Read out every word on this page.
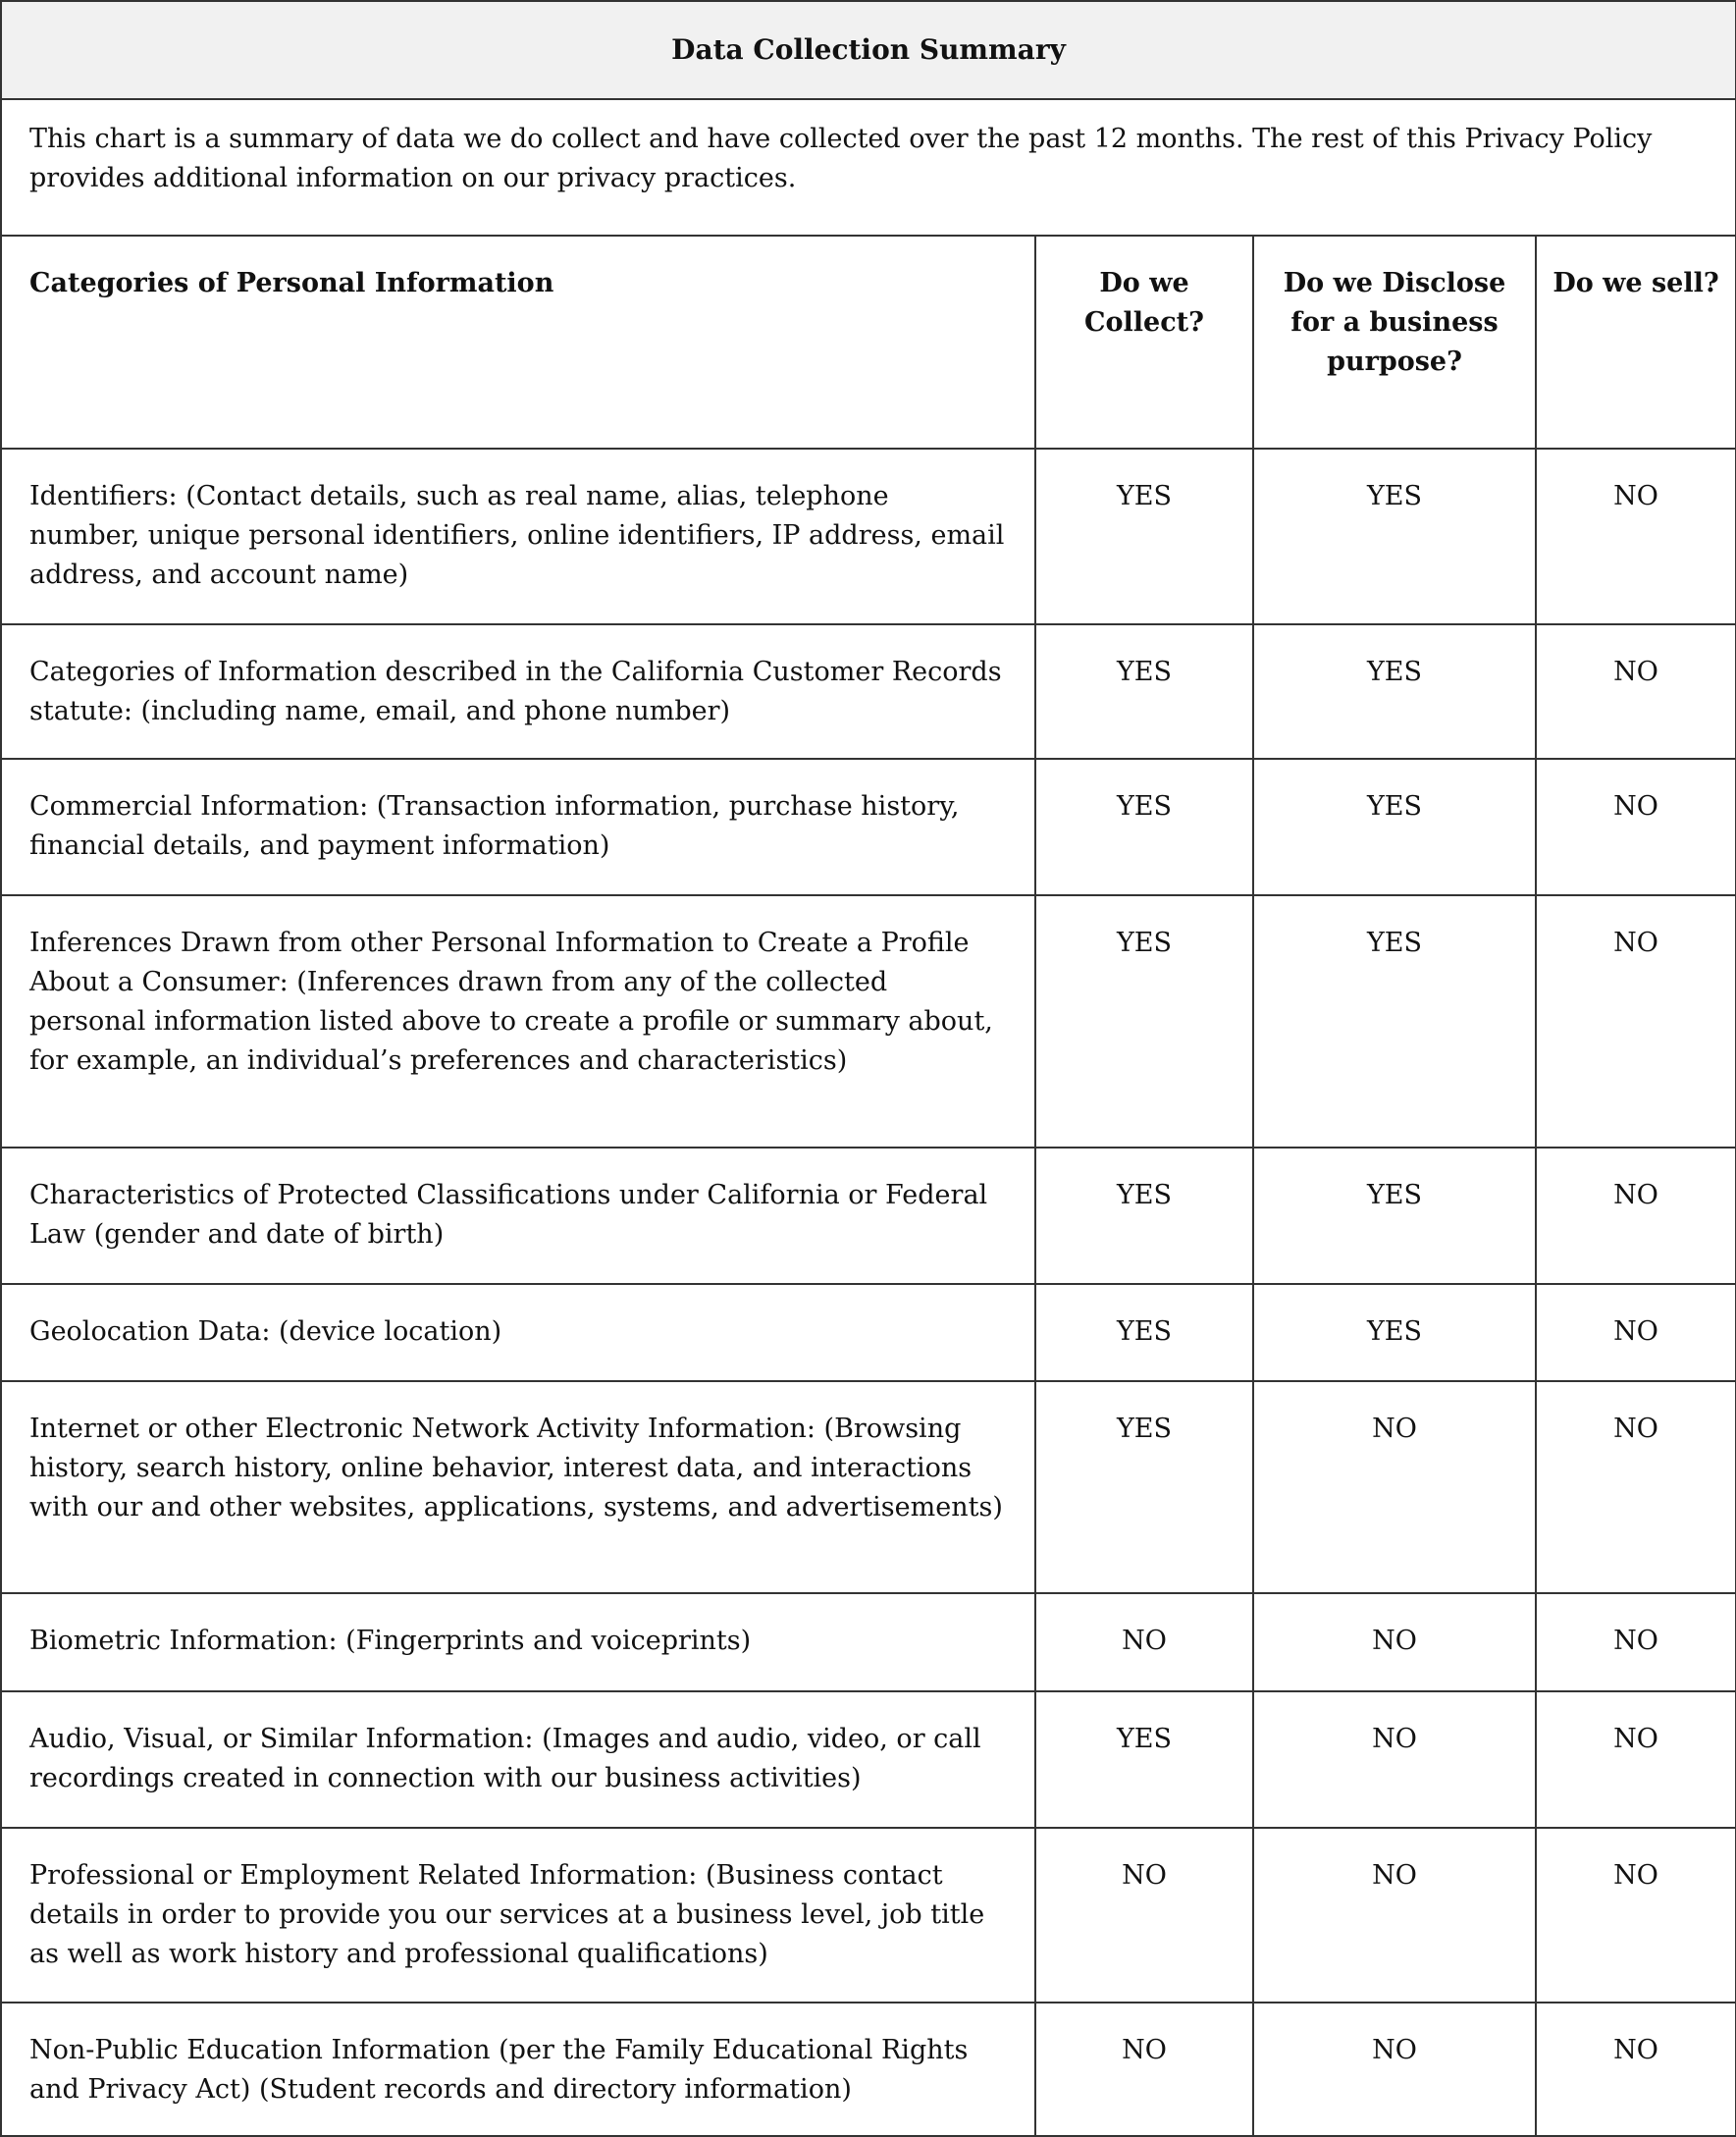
Data Collection Summary			
This chart is a summary of data we do collect and have collected over the past 12 months. The rest of this Privacy Policy provides additional information on our privacy practices.			
Categories of Personal Information	Do we Collect?	Do we Disclose for a business purpose?	Do we sell?
Identifiers: (Contact details, such as real name, alias, telephone number, unique personal identifiers, online identifiers, IP address, email address, and account name)	YES	YES	NO
Categories of Information described in the California Customer Records statute: (including name, email, and phone number)	YES	YES	NO
Commercial Information: (Transaction information, purchase history, financial details, and payment information)	YES	YES	NO
Inferences Drawn from other Personal Information to Create a Profile About a Consumer: (Inferences drawn from any of the collected personal information listed above to create a profile or summary about, for example, an individual’s preferences and characteristics)	YES	YES	NO
Characteristics of Protected Classifications under California or Federal Law (gender and date of birth)	YES	YES	NO
Geolocation Data: (device location)	YES	YES	NO
Internet or other Electronic Network Activity Information: (Browsing history, search history, online behavior, interest data, and interactions with our and other websites, applications, systems, and advertisements)	YES	NO	NO
Biometric Information: (Fingerprints and voiceprints)	NO	NO	NO
Audio, Visual, or Similar Information: (Images and audio, video, or call recordings created in connection with our business activities)	YES	NO	NO
Professional or Employment Related Information: (Business contact details in order to provide you our services at a business level, job title as well as work history and professional qualifications)	NO	NO	NO
Non-Public Education Information (per the Family Educational Rights and Privacy Act) (Student records and directory information)	NO	NO	NO
